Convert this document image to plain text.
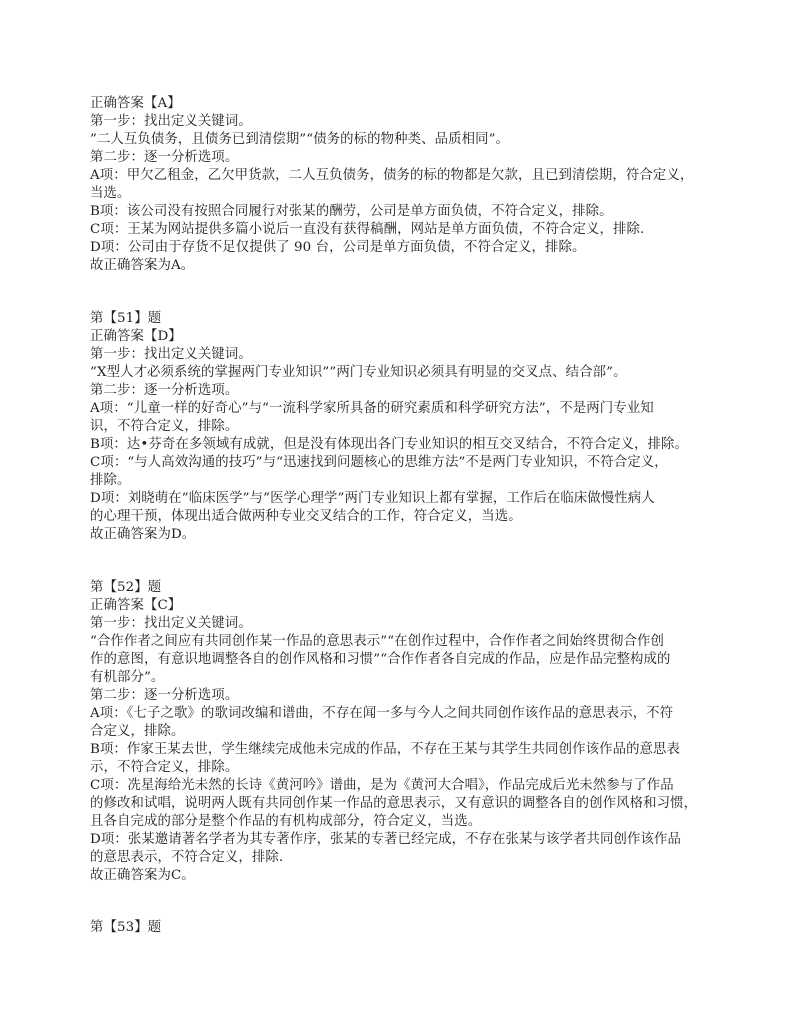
正确答案【A】
第一步：找出定义关键词。
”二人互负债务，且债务已到清偿期”“债务的标的物种类、品质相同”。
第二步：逐一分析选项。
A项：甲欠乙租金，乙欠甲货款，二人互负债务，债务的标的物都是欠款，且已到清偿期，符合定义，
当选。
B项：该公司没有按照合同履行对张某的酬劳，公司是单方面负债，不符合定义，排除。
C项：王某为网站提供多篇小说后一直没有获得稿酬，网站是单方面负债，不符合定义，排除.
D项：公司由于存货不足仅提供了 90 台，公司是单方面负债，不符合定义，排除。
故正确答案为A。
第【51】题
正确答案【D】
第一步：找出定义关键词。
”X型人才必须系统的掌握两门专业知识””两门专业知识必须具有明显的交叉点、结合部”。
第二步：逐一分析选项。
A项：“儿童一样的好奇心”与“一流科学家所具备的研究素质和科学研究方法”，不是两门专业知
识，不符合定义，排除。
B项：达•芬奇在多领域有成就，但是没有体现出各门专业知识的相互交叉结合，不符合定义，排除。
C项：“与人高效沟通的技巧”与“迅速找到问题核心的思维方法”不是两门专业知识，不符合定义，
排除。
D项：刘晓萌在”临床医学”与”医学心理学”两门专业知识上都有掌握，工作后在临床做慢性病人
的心理干预，体现出适合做两种专业交叉结合的工作，符合定义，当选。
故正确答案为D。
第【52】题
正确答案【C】
第一步：找出定义关键词。
“合作作者之间应有共同创作某一作品的意思表示”“在创作过程中，合作作者之间始终贯彻合作创
作的意图，有意识地调整各自的创作风格和习惯”“合作作者各自完成的作品，应是作品完整构成的
有机部分”。
第二步：逐一分析选项。
A项：《七子之歌》的歌词改编和谱曲，不存在闻一多与今人之间共同创作该作品的意思表示，不符
合定义，排除。
B项：作家王某去世，学生继续完成他未完成的作品，不存在王某与其学生共同创作该作品的意思表
示，不符合定义，排除。
C项：冼星海给光未然的长诗《黄河吟》谱曲，是为《黄河大合唱》，作品完成后光未然参与了作品
的修改和试唱，说明两人既有共同创作某一作品的意思表示，又有意识的调整各自的创作风格和习惯，
且各自完成的部分是整个作品的有机构成部分，符合定义，当选。
D项：张某邀请著名学者为其专著作序，张某的专著已经完成，不存在张某与该学者共同创作该作品
的意思表示，不符合定义，排除.
故正确答案为C。
第【53】题
